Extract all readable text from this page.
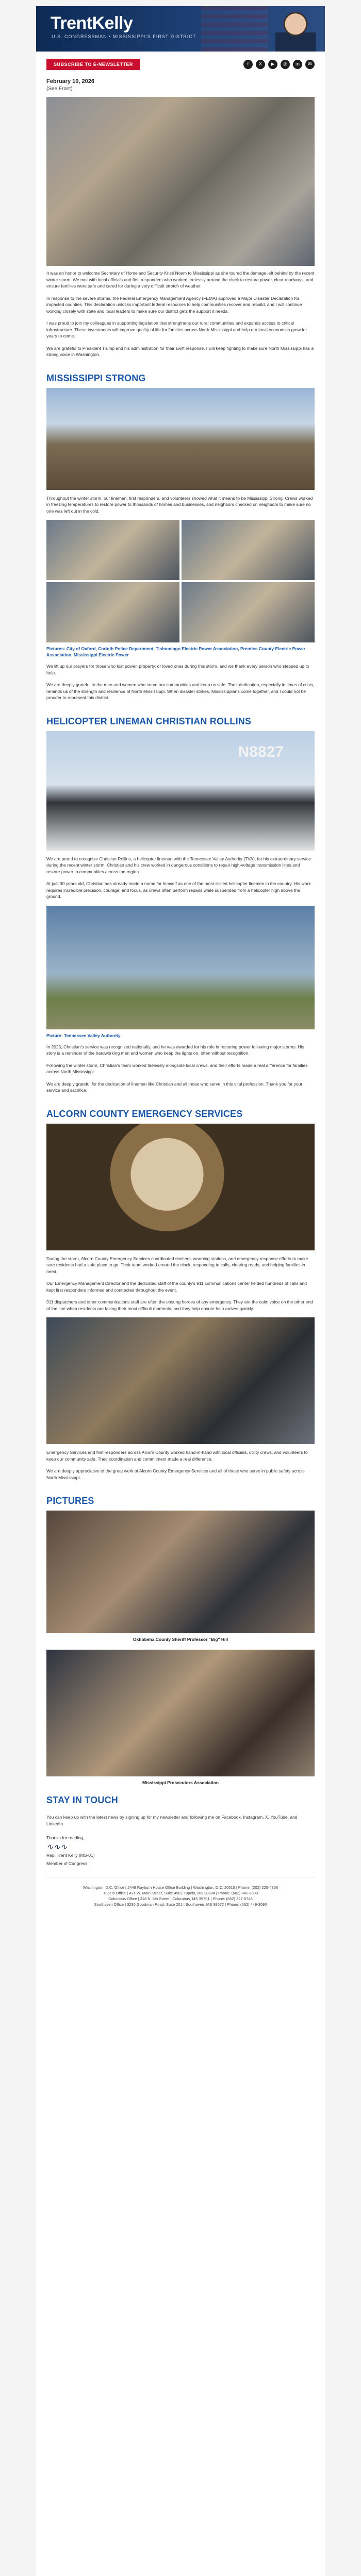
TrentKelly
U.S. CONGRESSMAN • MISSISSIPPI'S FIRST DISTRICT
SUBSCRIBE TO E-NEWSLETTER	f	X	▶	◎	in	✉
February 10, 2026
(See Front)

It was an honor to welcome Secretary of Homeland Security Kristi Noem to Mississippi as she toured the damage left behind by the recent winter storm. We met with local officials and first responders who worked tirelessly around the clock to restore power, clear roadways, and ensure families were safe and cared for during a very difficult stretch of weather.

In response to the severe storms, the Federal Emergency Management Agency (FEMA) approved a Major Disaster Declaration for impacted counties. This declaration unlocks important federal resources to help communities recover and rebuild, and I will continue working closely with state and local leaders to make sure our district gets the support it needs.

I was proud to join my colleagues in supporting legislation that strengthens our rural communities and expands access to critical infrastructure. These investments will improve quality of life for families across North Mississippi and help our local economies grow for years to come.

We are grateful to President Trump and his administration for their swift response. I will keep fighting to make sure North Mississippi has a strong voice in Washington.

MISSISSIPPI STRONG

Throughout the winter storm, our linemen, first responders, and volunteers showed what it means to be Mississippi Strong. Crews worked in freezing temperatures to restore power to thousands of homes and businesses, and neighbors checked on neighbors to make sure no one was left out in the cold.

Pictures: City of Oxford, Corinth Police Department, Tishomingo Electric Power Association, Prentiss County Electric Power Association, Mississippi Electric Power

We lift up our prayers for those who lost power, property, or loved ones during this storm, and we thank every person who stepped up to help.

We are deeply grateful to the men and women who serve our communities and keep us safe. Their dedication, especially in times of crisis, reminds us of the strength and resilience of North Mississippi. When disaster strikes, Mississippians come together, and I could not be prouder to represent this district.

HELICOPTER LINEMAN CHRISTIAN ROLLINS
N8827

We are proud to recognize Christian Rollins, a helicopter lineman with the Tennessee Valley Authority (TVA), for his extraordinary service during the recent winter storm. Christian and his crew worked in dangerous conditions to repair high-voltage transmission lines and restore power to communities across the region.

At just 30 years old, Christian has already made a name for himself as one of the most skilled helicopter linemen in the country. His work requires incredible precision, courage, and focus, as crews often perform repairs while suspended from a helicopter high above the ground.

Picture: Tennessee Valley Authority

In 2025, Christian's service was recognized nationally, and he was awarded for his role in restoring power following major storms. His story is a reminder of the hardworking men and women who keep the lights on, often without recognition.

Following the winter storm, Christian's team worked tirelessly alongside local crews, and their efforts made a real difference for families across North Mississippi.

We are deeply grateful for the dedication of linemen like Christian and all those who serve in this vital profession. Thank you for your service and sacrifice.

ALCORN COUNTY EMERGENCY SERVICES

During the storm, Alcorn County Emergency Services coordinated shelters, warming stations, and emergency response efforts to make sure residents had a safe place to go. Their team worked around the clock, responding to calls, clearing roads, and helping families in need.

Our Emergency Management Director and the dedicated staff of the county's 911 communications center fielded hundreds of calls and kept first responders informed and connected throughout the event.

911 dispatchers and other communications staff are often the unsung heroes of any emergency. They are the calm voice on the other end of the line when residents are facing their most difficult moments, and they help ensure help arrives quickly.

Emergency Services and first responders across Alcorn County worked hand-in-hand with local officials, utility crews, and volunteers to keep our community safe. Their coordination and commitment made a real difference.

We are deeply appreciative of the great work of Alcorn County Emergency Services and all of those who serve in public safety across North Mississippi.

PICTURES
Oktibbeha County Sheriff Professor "Big" Hill
Mississippi Prosecutors Association
STAY IN TOUCH

You can keep up with the latest news by signing up for my newsletter and following me on Facebook, Instagram, X, YouTube, and LinkedIn.

Thanks for reading,
∿∿∿
Rep. Trent Kelly (MS-01)
Member of Congress
Washington, D.C. Office | 2448 Rayburn House Office Building | Washington, D.C. 20515 | Phone: (202) 225-4306
Tupelo Office | 431 W. Main Street, Suite 450 | Tupelo, MS 38804 | Phone: (662) 841-8808
Columbus Office | 318 N. 5th Street | Columbus, MS 39701 | Phone: (662) 327-0748
Southaven Office | 3230 Goodman Road, Suite 201 | Southaven, MS 38672 | Phone: (662) 449-3090
